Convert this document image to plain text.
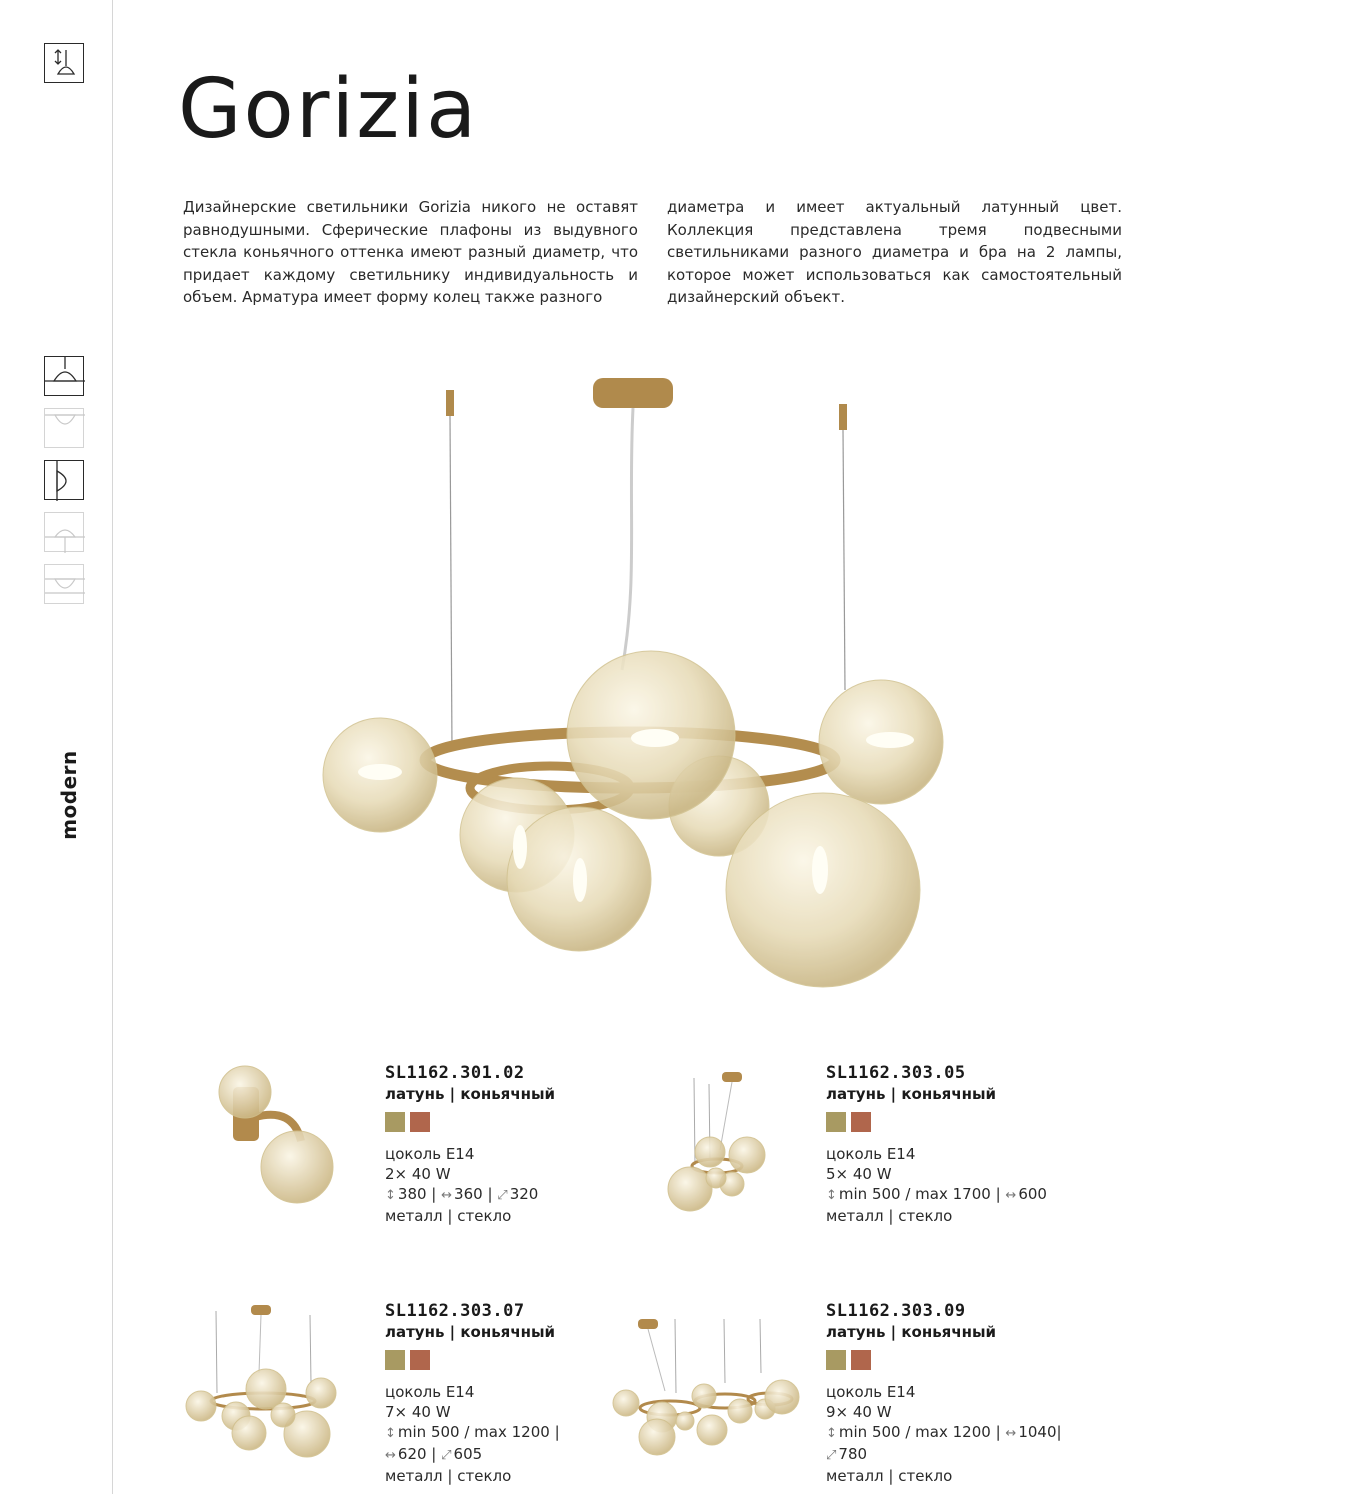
modern
Gorizia
Дизайнерские светильники Gorizia никого не оставят равнодушными. Сферические плафоны из выдувного стекла коньячного оттенка имеют разный диаметр, что придает каждому светильнику индивидуальность и объем. Арматура имеет форму колец также разного
диаметра и имеет актуальный латунный цвет. Коллекция представлена тремя подвесными светильниками разного диаметра и бра на 2 лампы, которое может использоваться как самостоятельный дизайнерский объект.
SL1162.301.02
латунь | коньячный
цоколь E14
2× 40 W
↕ 380 | ↔ 360 | ⤢ 320
металл | стекло
SL1162.303.05
латунь | коньячный
цоколь E14
5× 40 W
↕ min 500 / max 1700 | ↔ 600
металл | стекло
SL1162.303.07
латунь | коньячный
цоколь E14
7× 40 W
↕ min 500 / max 1200 |
↔ 620 | ⤢ 605
металл | стекло
SL1162.303.09
латунь | коньячный
цоколь E14
9× 40 W
↕ min 500 / max 1200 | ↔ 1040|
⤢ 780
металл | стекло
